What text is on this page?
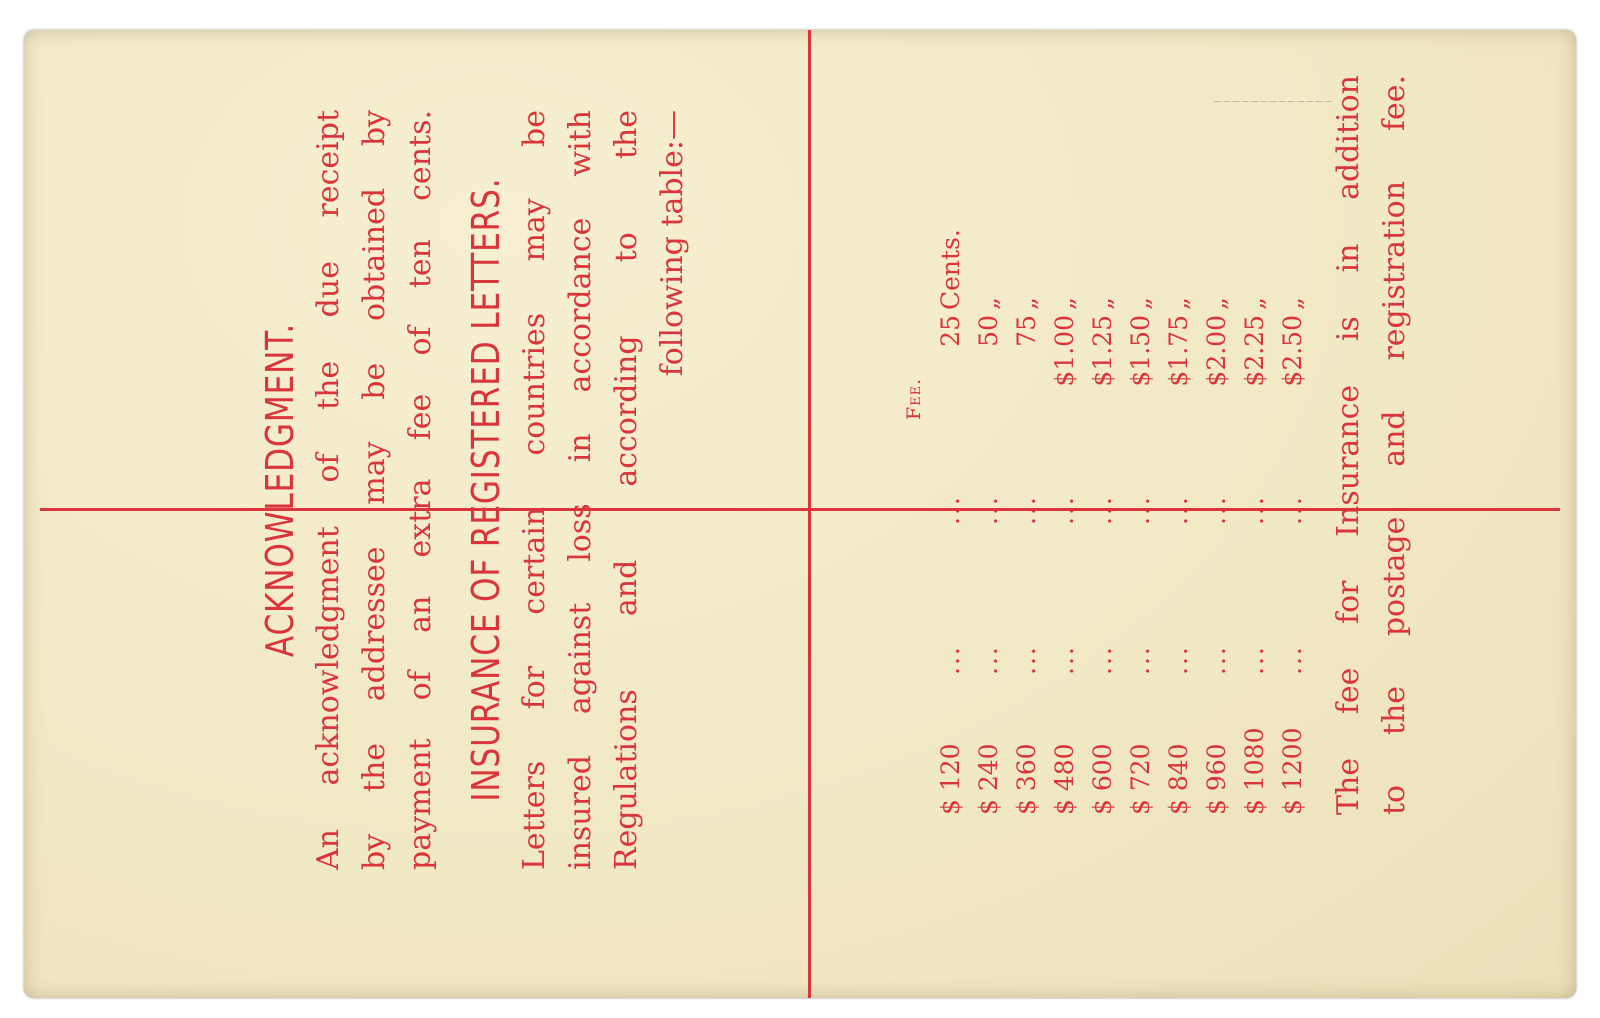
ACKNOWLEDGMENT. An acknowledgment of the due receipt by the addressee may be obtained by payment of an extra fee of ten cents. INSURANCE OF REGISTERED LETTERS. Letters for certain countries may be insured against loss in accordance with Regulations and according to the following table:—
Fee.
$ 120
...
...
25
Cents.
$ 240
...
...
50
„
$ 360
...
...
75
„
$ 480
...
...
$1.00
„
$ 600
...
...
$1.25
„
$ 720
...
...
$1.50
„
$ 840
...
...
$1.75
„
$ 960
...
...
$2.00
„
$ 1080
...
...
$2.25
„
$ 1200
...
...
$2.50
„ The fee for Insurance is in addition to the postage and registration fee.
‾‾‾‾‾‾‾‾‾‾‾‾‾
